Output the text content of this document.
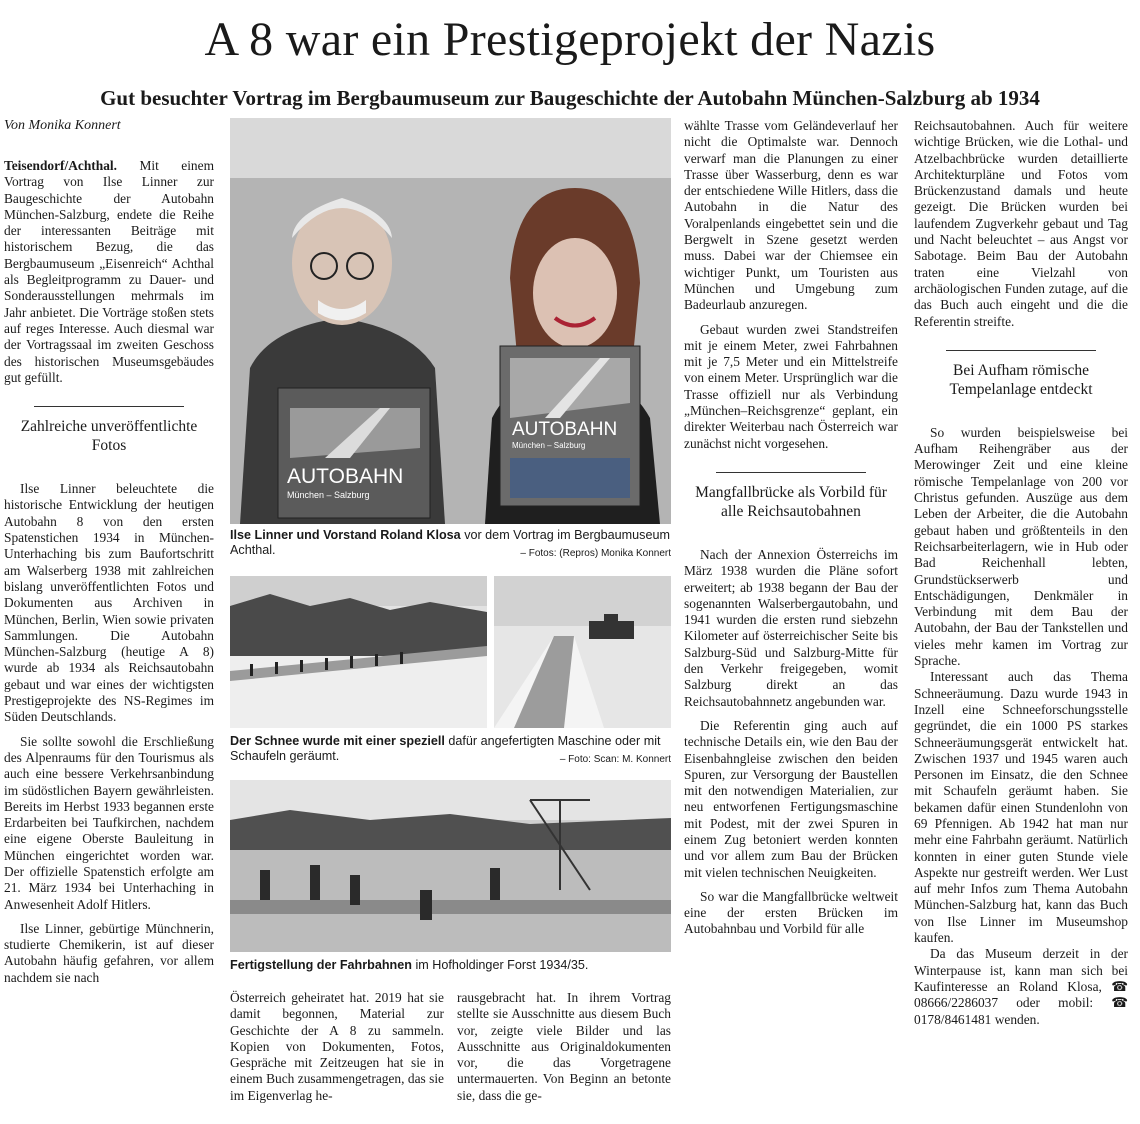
A 8 war ein Prestigeprojekt der Nazis
Gut besuchter Vortrag im Bergbaumuseum zur Baugeschichte der Autobahn München-Salzburg ab 1934
Von Monika Konnert

Teisendorf/Achthal. Mit einem Vortrag von Ilse Linner zur Baugeschichte der Autobahn München-Salzburg, endete die Reihe der interessanten Beiträge mit historischem Bezug, die das Bergbaumuseum „Eisenreich“ Achthal als Begleitprogramm zu Dauer- und Sonderausstellungen mehrmals im Jahr anbietet. Die Vorträge stoßen stets auf reges Interesse. Auch diesmal war der Vortragssaal im zweiten Geschoss des historischen Museumsgebäudes gut gefüllt.

Zahlreiche unveröffentlichte Fotos

Ilse Linner beleuchtete die historische Entwicklung der heutigen Autobahn 8 von den ersten Spatenstichen 1934 in München-Unterhaching bis zum Baufortschritt am Walserberg 1938 mit zahlreichen bislang unveröffentlichten Fotos und Dokumenten aus Archiven in München, Berlin, Wien sowie privaten Sammlungen. Die Autobahn München-Salzburg (heutige A 8) wurde ab 1934 als Reichsautobahn gebaut und war eines der wichtigsten Prestigeprojekte des NS-Regimes im Süden Deutschlands.

Sie sollte sowohl die Erschließung des Alpenraums für den Tourismus als auch eine bessere Verkehrsanbindung im südöstlichen Bayern gewährleisten. Bereits im Herbst 1933 begannen erste Erdarbeiten bei Taufkirchen, nachdem eine eigene Oberste Bauleitung in München eingerichtet worden war. Der offizielle Spatenstich erfolgte am 21. März 1934 bei Unterhaching in Anwesenheit Adolf Hitlers.

Ilse Linner, gebürtige Münchnerin, studierte Chemikerin, ist auf dieser Autobahn häufig gefahren, vor allem nachdem sie nach

AUTOBAHN
München – Salzburg
AUTOBAHN
München – Salzburg
Ilse Linner und Vorstand Roland Klosa vor dem Vortrag im Bergbaumuseum Achthal.	– Fotos: (Repros) Monika Konnert
Der Schnee wurde mit einer speziell dafür angefertigten Maschine oder mit Schaufeln geräumt.	– Foto: Scan: M. Konnert
Fertigstellung der Fahrbahnen im Hofholdinger Forst 1934/35.

Österreich geheiratet hat. 2019 hat sie damit begonnen, Material zur Geschichte der A 8 zu sammeln. Kopien von Dokumenten, Fotos, Gespräche mit Zeitzeugen hat sie in einem Buch zusammengetragen, das sie im Eigenverlag he-

rausgebracht hat. In ihrem Vortrag stellte sie Ausschnitte aus diesem Buch vor, zeigte viele Bilder und las Ausschnitte aus Originaldokumenten vor, die das Vorgetragene untermauerten. Von Beginn an betonte sie, dass die ge-

wählte Trasse vom Geländeverlauf her nicht die Optimalste war. Dennoch verwarf man die Planungen zu einer Trasse über Wasserburg, denn es war der entschiedene Wille Hitlers, dass die Autobahn in die Natur des Voralpenlands eingebettet sein und die Bergwelt in Szene gesetzt werden muss. Dabei war der Chiemsee ein wichtiger Punkt, um Touristen aus München und Umgebung zum Badeurlaub anzuregen.

Gebaut wurden zwei Standstreifen mit je einem Meter, zwei Fahrbahnen mit je 7,5 Meter und ein Mittelstreife von einem Meter. Ursprünglich war die Trasse offiziell nur als Verbindung „München–Reichsgrenze“ geplant, ein direkter Weiterbau nach Österreich war zunächst nicht vorgesehen.

Mangfallbrücke als Vorbild für alle Reichsautobahnen

Nach der Annexion Österreichs im März 1938 wurden die Pläne sofort erweitert; ab 1938 begann der Bau der sogenannten Walserbergautobahn, und 1941 wurden die ersten rund siebzehn Kilometer auf österreichischer Seite bis Salzburg-Süd und Salzburg-Mitte für den Verkehr freigegeben, womit Salzburg direkt an das Reichsautobahnnetz angebunden war.

Die Referentin ging auch auf technische Details ein, wie den Bau der Eisenbahngleise zwischen den beiden Spuren, zur Versorgung der Baustellen mit den notwendigen Materialien, zur neu entworfenen Fertigungsmaschine mit Podest, mit der zwei Spuren in einem Zug betoniert werden konnten und vor allem zum Bau der Brücken mit vielen technischen Neuigkeiten.

So war die Mangfallbrücke weltweit eine der ersten Brücken im Autobahnbau und Vorbild für alle

Reichsautobahnen. Auch für weitere wichtige Brücken, wie die Lothal- und Atzelbachbrücke wurden detaillierte Architekturpläne und Fotos vom Brückenzustand damals und heute gezeigt. Die Brücken wurden bei laufendem Zugverkehr gebaut und Tag und Nacht beleuchtet – aus Angst vor Sabotage. Beim Bau der Autobahn traten eine Vielzahl von archäologischen Funden zutage, auf die das Buch auch eingeht und die die Referentin streifte.

Bei Aufham römische Tempelanlage entdeckt

So wurden beispielsweise bei Aufham Reihengräber aus der Merowinger Zeit und eine kleine römische Tempelanlage von 200 vor Christus gefunden. Auszüge aus dem Leben der Arbeiter, die die Autobahn gebaut haben und größtenteils in den Reichsarbeiterlagern, wie in Hub oder Bad Reichenhall lebten, Grundstückserwerb und Entschädigungen, Denkmäler in Verbindung mit dem Bau der Autobahn, der Bau der Tankstellen und vieles mehr kamen im Vortrag zur Sprache.

Interessant auch das Thema Schneeräumung. Dazu wurde 1943 in Inzell eine Schneeforschungsstelle gegründet, die ein 1000 PS starkes Schneeräumungsgerät entwickelt hat. Zwischen 1937 und 1945 waren auch Personen im Einsatz, die den Schnee mit Schaufeln geräumt haben. Sie bekamen dafür einen Stundenlohn von 69 Pfennigen. Ab 1942 hat man nur mehr eine Fahrbahn geräumt. Natürlich konnten in einer guten Stunde viele Aspekte nur gestreift werden. Wer Lust auf mehr Infos zum Thema Autobahn München-Salzburg hat, kann das Buch von Ilse Linner im Museumshop kaufen.

Da das Museum derzeit in der Winterpause ist, kann man sich bei Kaufinteresse an Roland Klosa, ☎ 08666/2286037 oder mobil: ☎ 0178/8461481 wenden.
